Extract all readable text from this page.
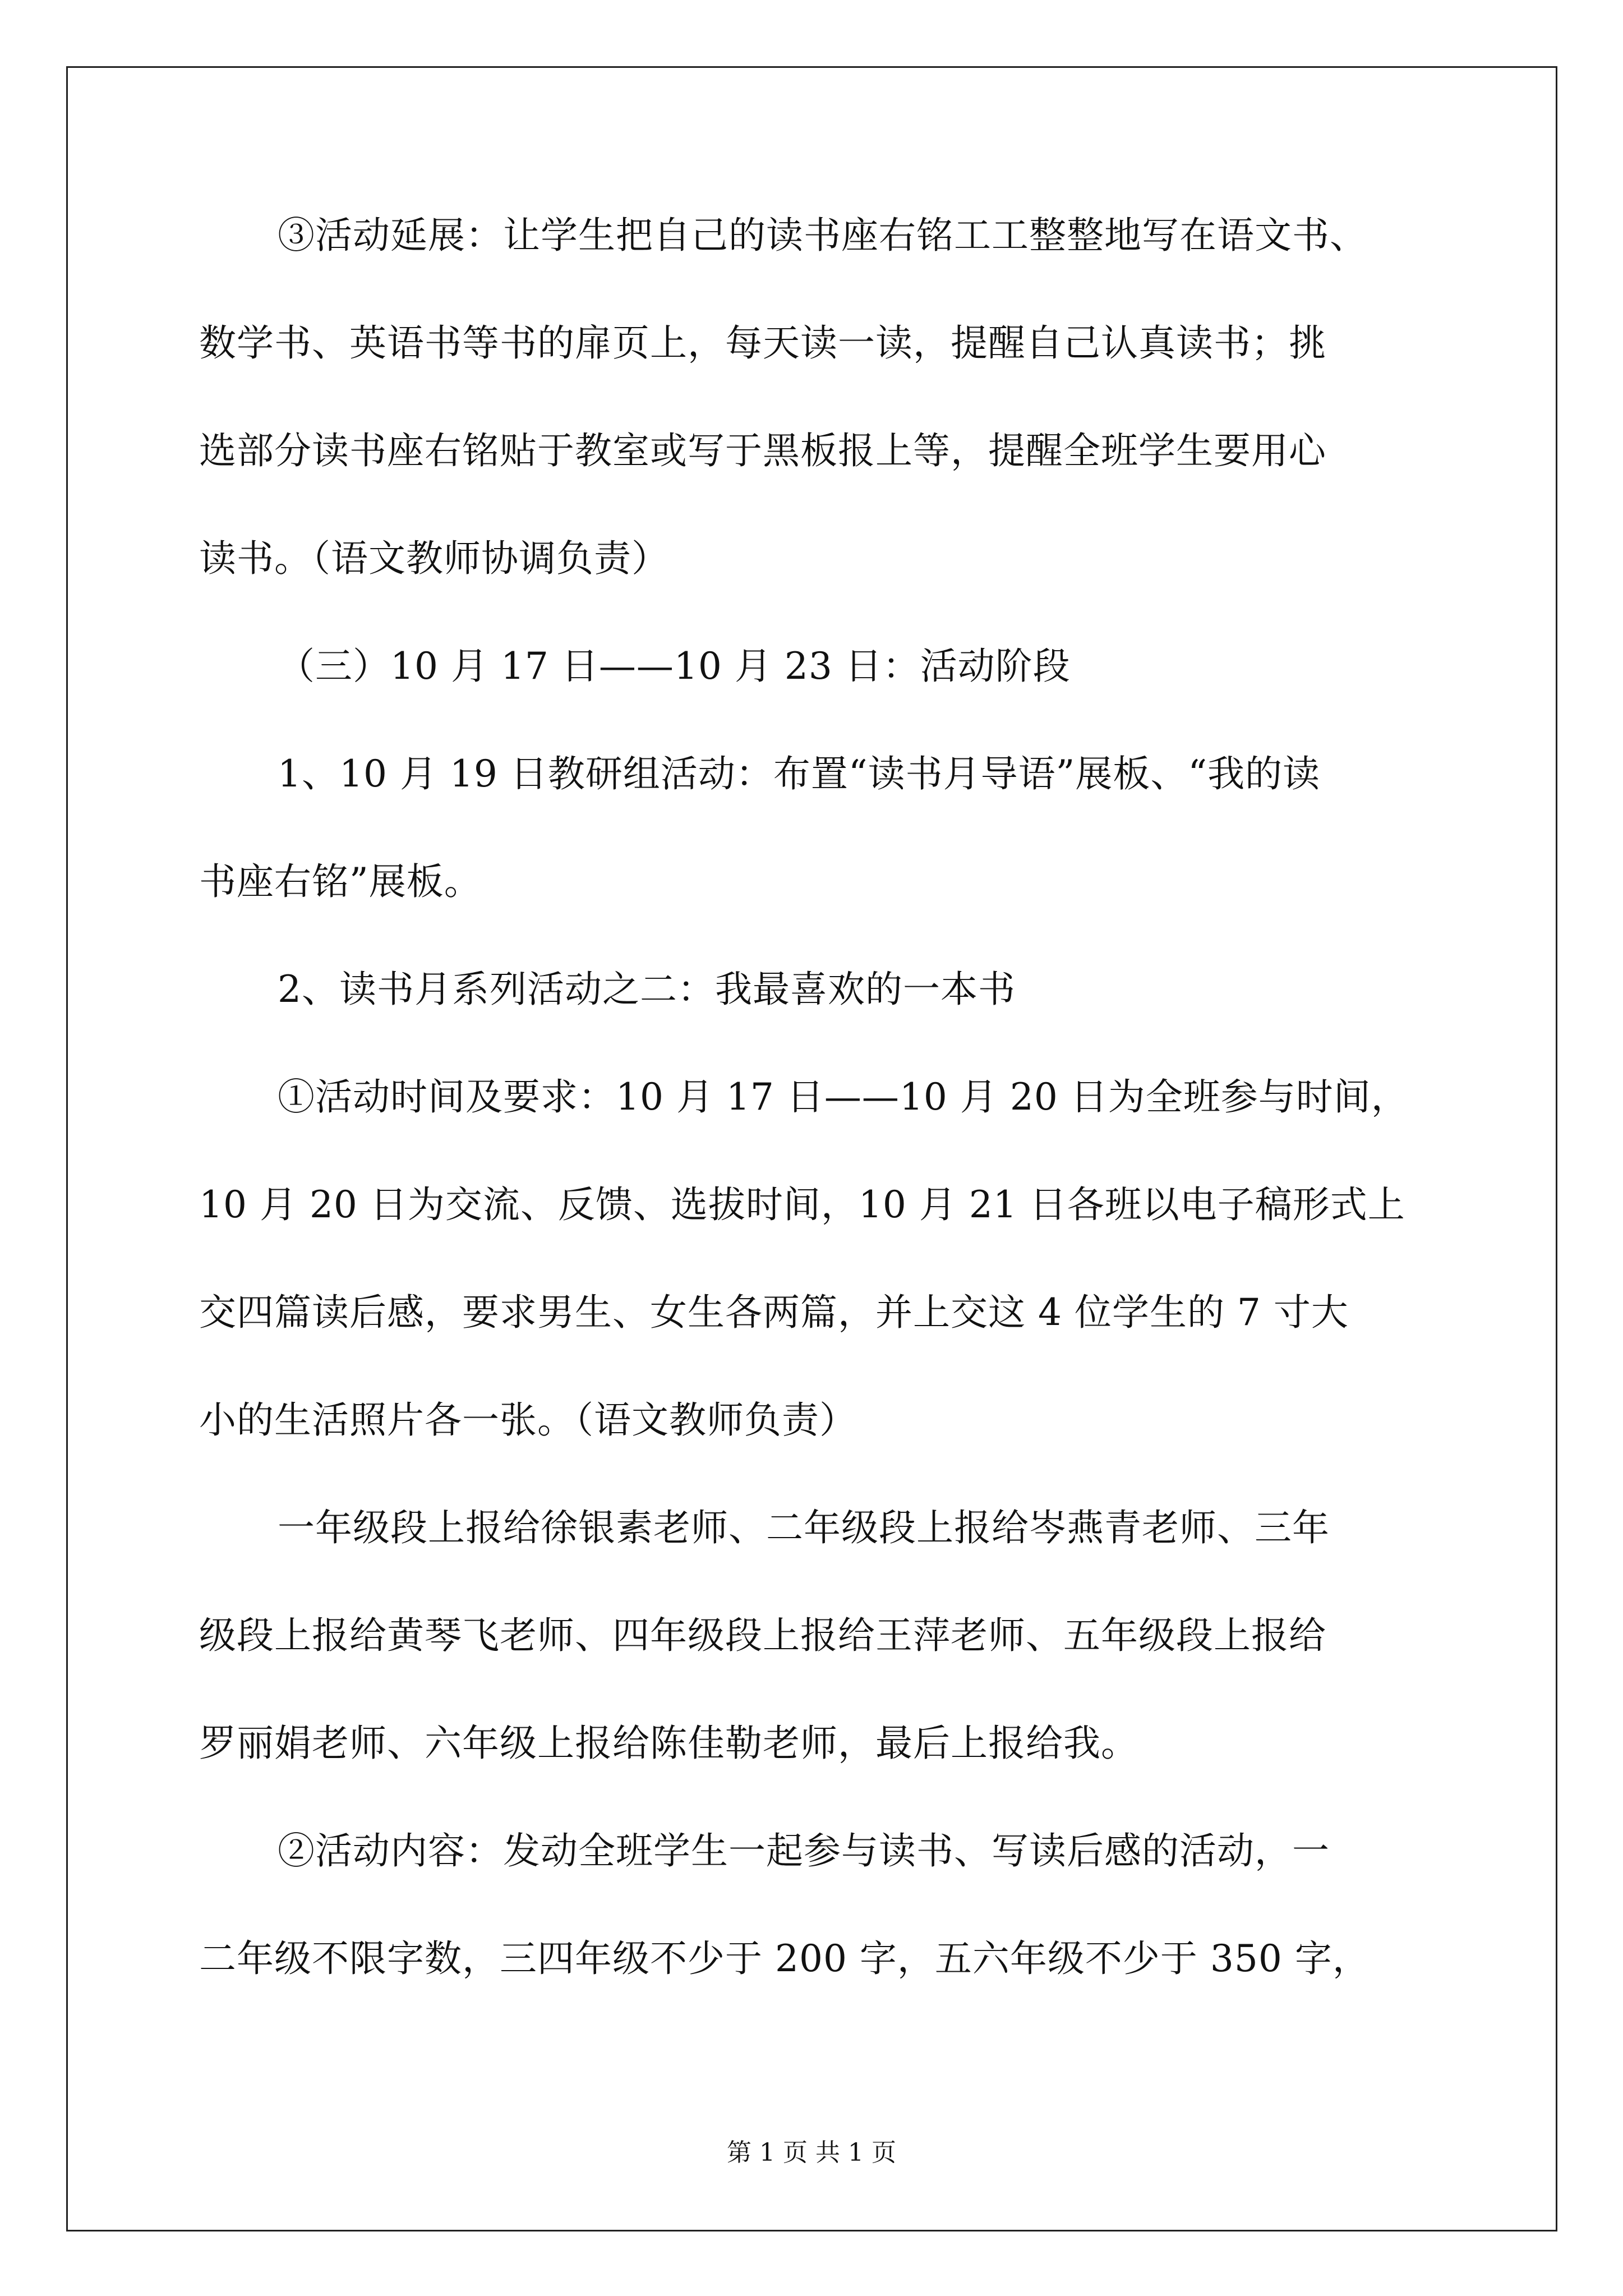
③活动延展：让学生把自己的读书座右铭工工整整地写在语文书、
数学书、英语书等书的扉页上，每天读一读，提醒自己认真读书；挑
选部分读书座右铭贴于教室或写于黑板报上等，提醒全班学生要用心
读书。（语文教师协调负责）
（三）10 月 17 日——10 月 23 日：活动阶段
1、10 月 19 日教研组活动：布置“读书月导语”展板、“我的读
书座右铭”展板。
2、读书月系列活动之二：我最喜欢的一本书
①活动时间及要求：10 月 17 日——10 月 20 日为全班参与时间，
10 月 20 日为交流、反馈、选拔时间，10 月 21 日各班以电子稿形式上
交四篇读后感，要求男生、女生各两篇，并上交这 4 位学生的 7 寸大
小的生活照片各一张。（语文教师负责）
一年级段上报给徐银素老师、二年级段上报给岑燕青老师、三年
级段上报给黄琴飞老师、四年级段上报给王萍老师、五年级段上报给
罗丽娟老师、六年级上报给陈佳勒老师，最后上报给我。
②活动内容：发动全班学生一起参与读书、写读后感的活动，一
二年级不限字数，三四年级不少于 200 字，五六年级不少于 350 字，
第 1 页 共 1 页
